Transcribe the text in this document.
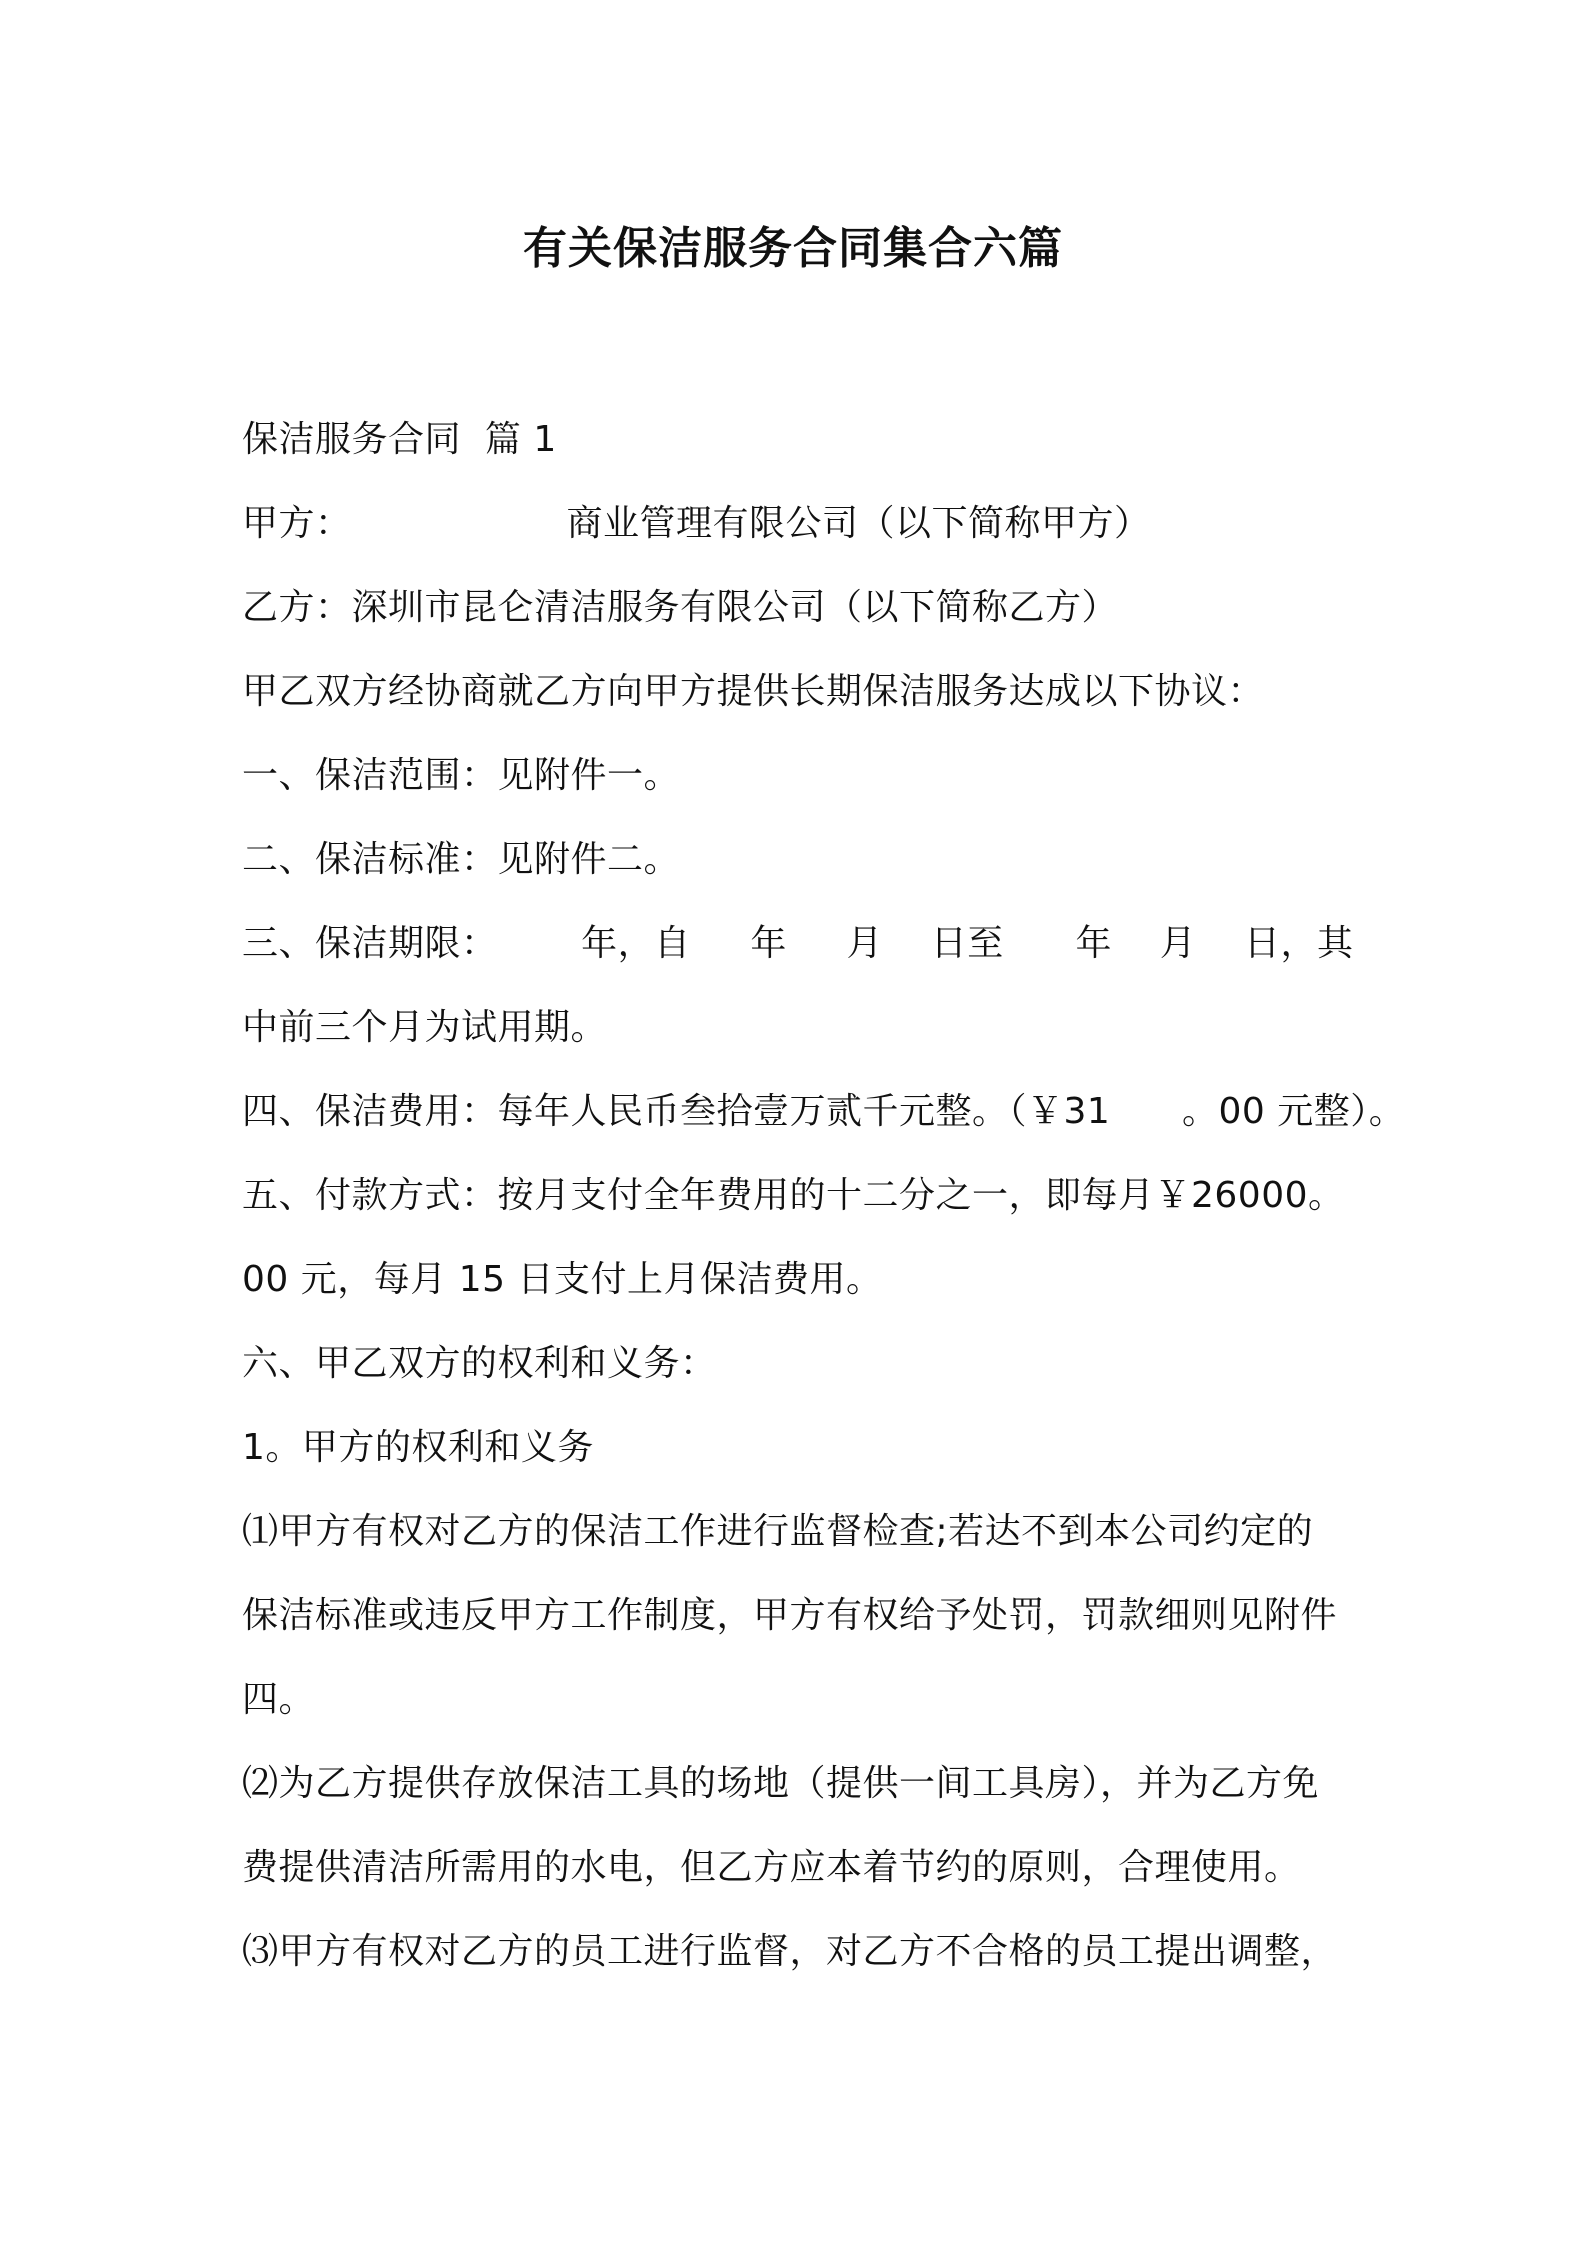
有关保洁服务合同集合六篇
保洁服务合同  篇 1
甲方：                  商业管理有限公司（以下简称甲方）
乙方：深圳市昆仑清洁服务有限公司（以下简称乙方）
甲乙双方经协商就乙方向甲方提供长期保洁服务达成以下协议：
一、保洁范围：见附件一。
二、保洁标准：见附件二。
三、保洁期限：       年，自     年     月    日至      年    月    日，其
中前三个月为试用期。
四、保洁费用：每年人民币叁拾壹万贰千元整。（￥31      。00 元整）。
五、付款方式：按月支付全年费用的十二分之一，即每月￥26000。
00 元，每月 15 日支付上月保洁费用。
六、甲乙双方的权利和义务：
1。甲方的权利和义务
⑴甲方有权对乙方的保洁工作进行监督检查;若达不到本公司约定的
保洁标准或违反甲方工作制度，甲方有权给予处罚，罚款细则见附件
四。
⑵为乙方提供存放保洁工具的场地（提供一间工具房），并为乙方免
费提供清洁所需用的水电，但乙方应本着节约的原则，合理使用。
⑶甲方有权对乙方的员工进行监督，对乙方不合格的员工提出调整，
